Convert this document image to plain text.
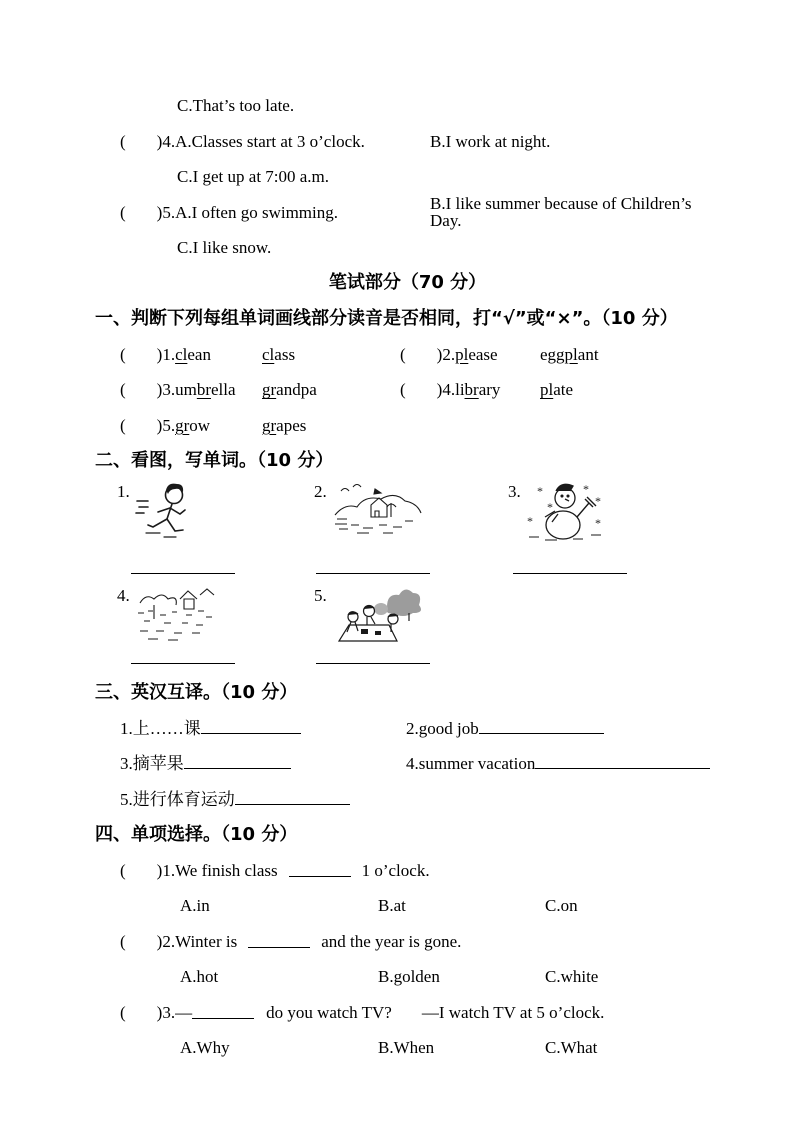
C.That’s too late.
( )4.A.Classes start at 3 o’clock.	B.I work at night.
C.I get up at 7:00 a.m.
( )5.A.I often go swimming.	B.I like summer because of Children’s Day.
C.I like snow.
笔试部分（70 分）
一、判断下列每组单词画线部分读音是否相同，打“√”或“×”。（10 分）
( )1. clean	class	( )2. please eggplant
( )3. umbrella grandpa	( )4. library plate
( )5. grow	grapes
二、看图，写单词。（10 分）
1.	2.	3. *
*
*
*
*	*
4.	5.
三、英汉互译。（10 分）
1.上……课	2.good job
3.摘苹果	4.summer vacation
5.进行体育运动
四、单项选择。（10 分）
( )1. We finish class	1 o’clock.
A.in	B.at	C.on
( )2. Winter is	and the year is gone.
A.hot	B.golden	C.white
( )3. —	do you watch TV? —I watch TV at 5 o’clock.
A.Why	B.When	C.What
